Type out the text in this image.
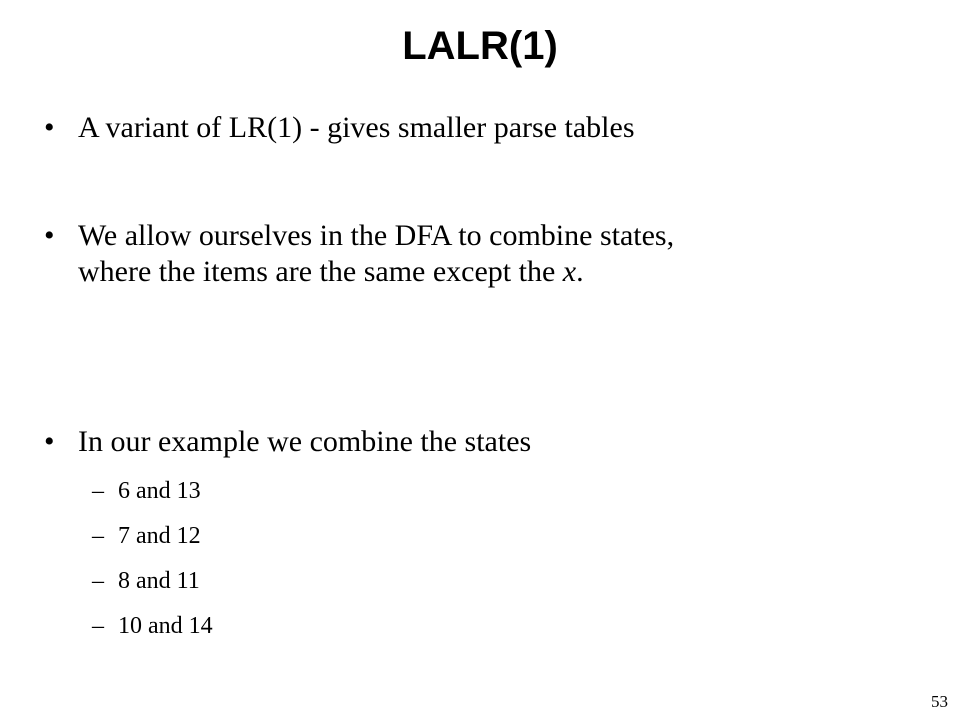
LALR(1)
• A variant of LR(1) - gives smaller parse tables
• We allow ourselves in the DFA to combine states,
where the items are the same except the x.
• In our example we combine the states
– 6 and 13
– 7 and 12
– 8 and 11
– 10 and 14
53
